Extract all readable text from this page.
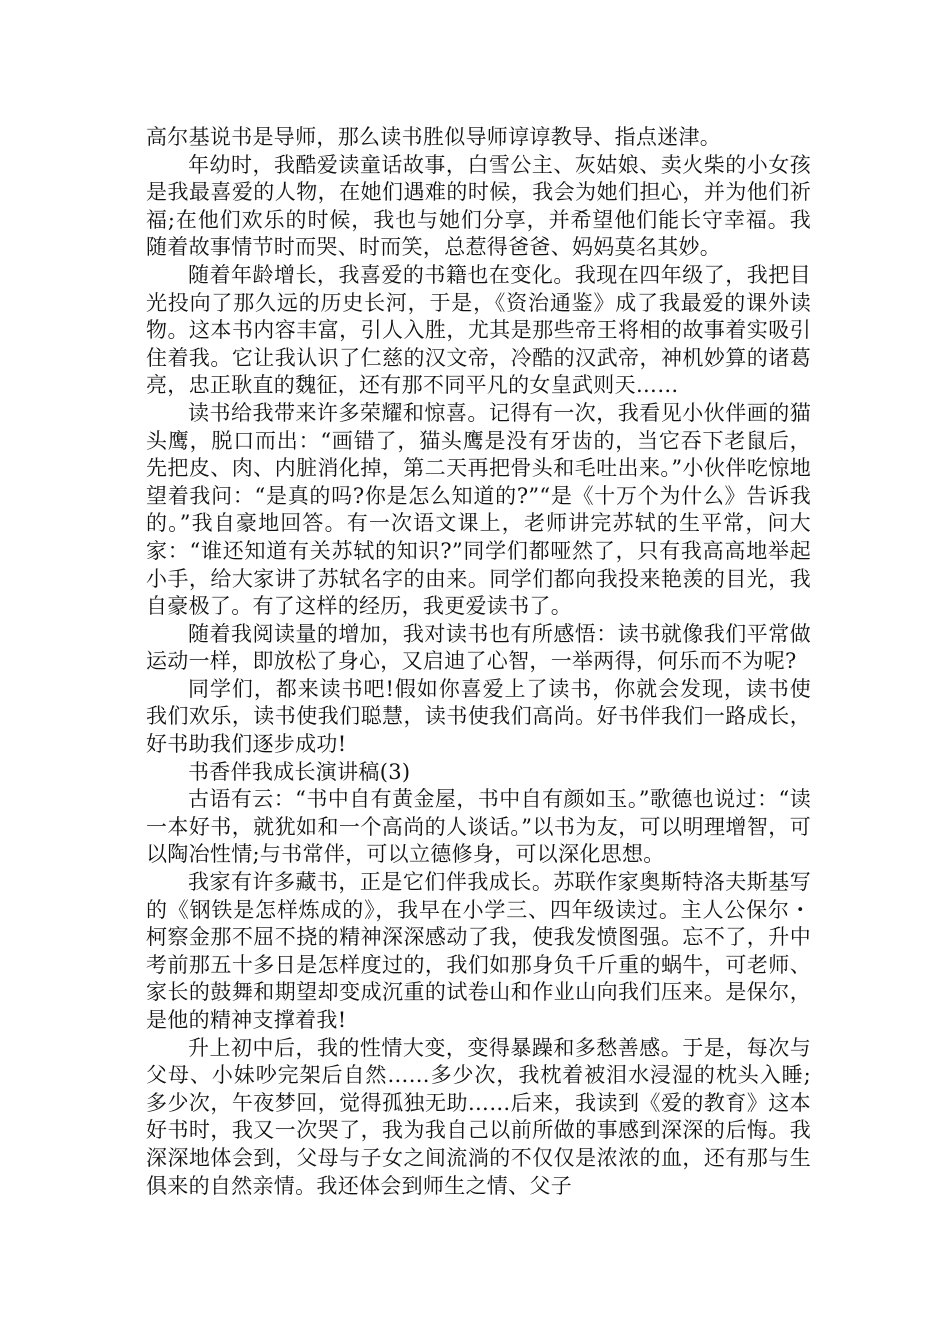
高尔基说书是导师，那么读书胜似导师谆谆教导、指点迷津。

年幼时，我酷爱读童话故事，白雪公主、灰姑娘、卖火柴的小女孩是我最喜爱的人物，在她们遇难的时候，我会为她们担心，并为他们祈福;在他们欢乐的时候，我也与她们分享，并希望他们能长守幸福。我随着故事情节时而哭、时而笑，总惹得爸爸、妈妈莫名其妙。

随着年龄增长，我喜爱的书籍也在变化。我现在四年级了，我把目光投向了那久远的历史长河，于是，《资治通鉴》成了我最爱的课外读物。这本书内容丰富，引人入胜，尤其是那些帝王将相的故事着实吸引住着我。它让我认识了仁慈的汉文帝，冷酷的汉武帝，神机妙算的诸葛亮，忠正耿直的魏征，还有那不同平凡的女皇武则天……

读书给我带来许多荣耀和惊喜。记得有一次，我看见小伙伴画的猫头鹰，脱口而出：“画错了，猫头鹰是没有牙齿的，当它吞下老鼠后，先把皮、肉、内脏消化掉，第二天再把骨头和毛吐出来。”小伙伴吃惊地望着我问：“是真的吗?你是怎么知道的?”“是《十万个为什么》告诉我的。”我自豪地回答。有一次语文课上，老师讲完苏轼的生平常，问大家：“谁还知道有关苏轼的知识?”同学们都哑然了，只有我高高地举起小手，给大家讲了苏轼名字的由来。同学们都向我投来艳羡的目光，我自豪极了。有了这样的经历，我更爱读书了。

随着我阅读量的增加，我对读书也有所感悟：读书就像我们平常做运动一样，即放松了身心，又启迪了心智，一举两得，何乐而不为呢?

同学们，都来读书吧!假如你喜爱上了读书，你就会发现，读书使我们欢乐，读书使我们聪慧，读书使我们高尚。好书伴我们一路成长，好书助我们逐步成功!

书香伴我成长演讲稿(3)

古语有云：“书中自有黄金屋，书中自有颜如玉。”歌德也说过：“读一本好书，就犹如和一个高尚的人谈话。”以书为友，可以明理增智，可以陶冶性情;与书常伴，可以立德修身，可以深化思想。

我家有许多藏书，正是它们伴我成长。苏联作家奥斯特洛夫斯基写的《钢铁是怎样炼成的》，我早在小学三、四年级读过。主人公保尔・柯察金那不屈不挠的精神深深感动了我，使我发愤图强。忘不了，升中考前那五十多日是怎样度过的，我们如那身负千斤重的蜗牛，可老师、家长的鼓舞和期望却变成沉重的试卷山和作业山向我们压来。是保尔，是他的精神支撑着我!

升上初中后，我的性情大变，变得暴躁和多愁善感。于是，每次与父母、小妹吵完架后自然……多少次，我枕着被泪水浸湿的枕头入睡;多少次，午夜梦回，觉得孤独无助……后来，我读到《爱的教育》这本好书时，我又一次哭了，我为我自己以前所做的事感到深深的后悔。我深深地体会到，父母与子女之间流淌的不仅仅是浓浓的血，还有那与生俱来的自然亲情。我还体会到师生之情、父子
